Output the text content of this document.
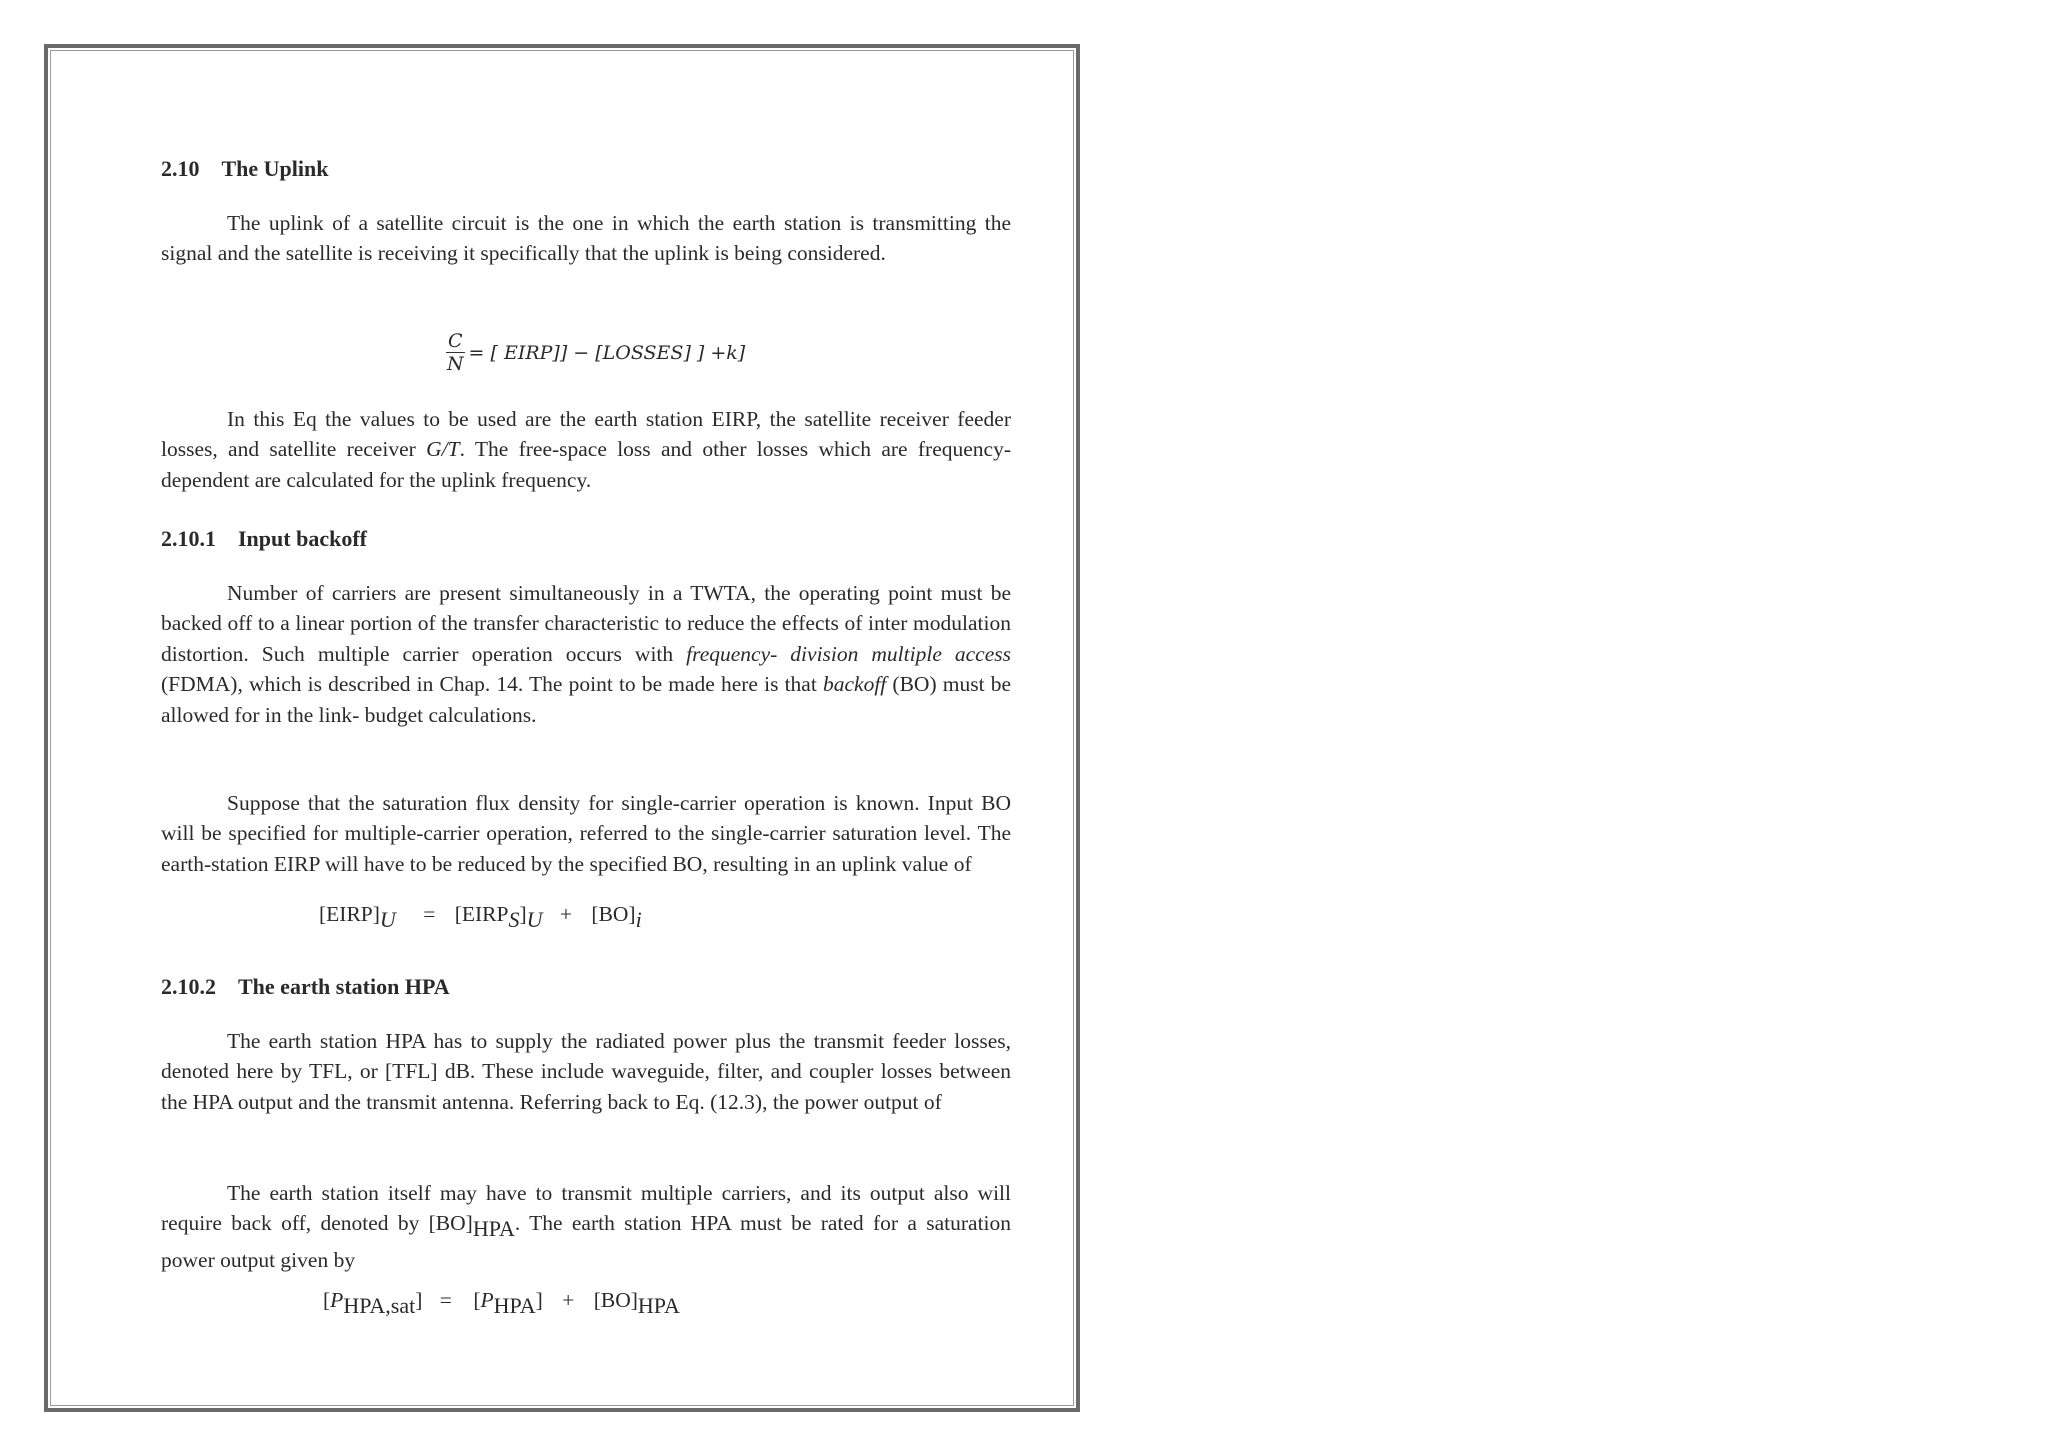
2.10 The Uplink

The uplink of a satellite circuit is the one in which the earth station is transmitting the signal and the satellite is receiving it specifically that the uplink is being considered.

$\frac{C}{N}$ = [ EIRP]] − [LOSSES] ] +k]

In this Eq the values to be used are the earth station EIRP, the satellite receiver feeder losses, and satellite receiver G/T. The free-space loss and other losses which are frequency-dependent are calculated for the uplink frequency.

2.10.1 Input backoff

Number of carriers are present simultaneously in a TWTA, the operating point must be backed off to a linear portion of the transfer characteristic to reduce the effects of inter modulation distortion. Such multiple carrier operation occurs with frequency- division multiple access (FDMA), which is described in Chap. 14. The point to be made here is that backoff (BO) must be allowed for in the link- budget calculations.

Suppose that the saturation flux density for single-carrier operation is known. Input BO will be specified for multiple-carrier operation, referred to the single-carrier saturation level. The earth-station EIRP will have to be reduced by the specified BO, resulting in an uplink value of

[EIRP]U = [EIRPS]U + [BO]i
2.10.2 The earth station HPA

The earth station HPA has to supply the radiated power plus the transmit feeder losses, denoted here by TFL, or [TFL] dB. These include waveguide, filter, and coupler losses between the HPA output and the transmit antenna. Referring back to Eq. (12.3), the power output of

The earth station itself may have to transmit multiple carriers, and its output also will require back off, denoted by [BO]HPA. The earth station HPA must be rated for a saturation power output given by

[PHPA,sat] = [PHPA] + [BO]HPA
